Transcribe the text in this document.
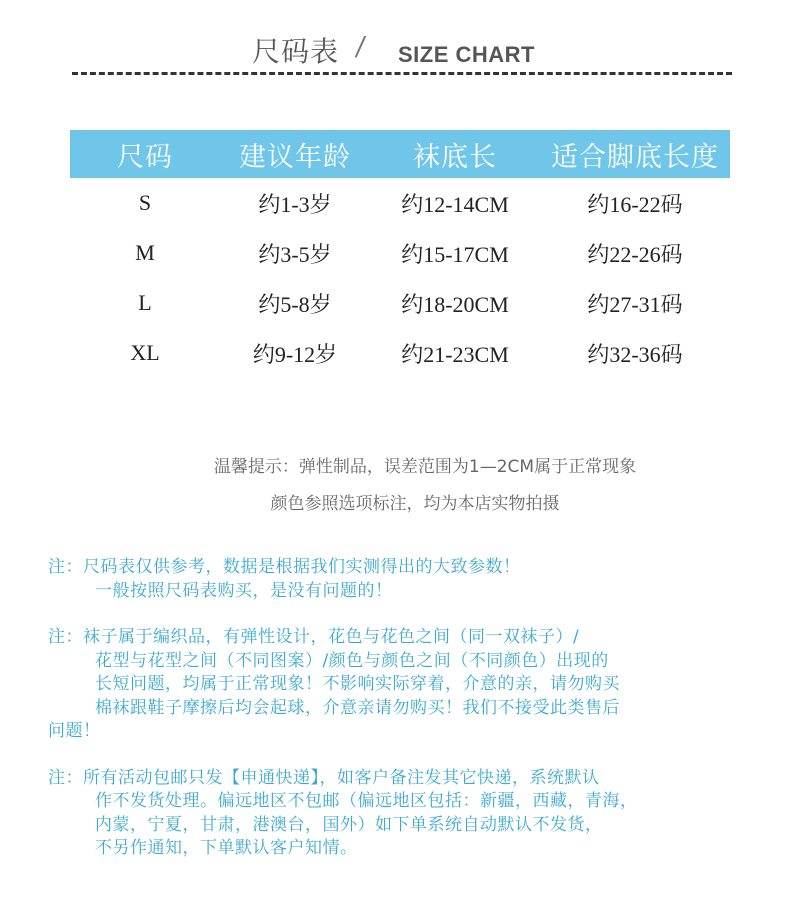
尺码表 / SIZE CHART
尺码	建议年龄	袜底长	适合脚底长度
S	约1-3岁	约12-14CM	约16-22码
M	约3-5岁	约15-17CM	约22-26码
L	约5-8岁	约18-20CM	约27-31码
XL	约9-12岁	约21-23CM	约32-36码
温馨提示：弹性制品，误差范围为1—2CM属于正常现象
颜色参照选项标注，均为本店实物拍摄
注：尺码表仅供参考，数据是根据我们实测得出的大致参数！
一般按照尺码表购买，是没有问题的！
注：袜子属于编织品，有弹性设计，花色与花色之间（同一双袜子）/
花型与花型之间（不同图案）/颜色与颜色之间（不同颜色）出现的
长短问题，均属于正常现象！不影响实际穿着，介意的亲，请勿购买
棉袜跟鞋子摩擦后均会起球，介意亲请勿购买！我们不接受此类售后
问题！
注：所有活动包邮只发【申通快递】，如客户备注发其它快递，系统默认
作不发货处理。偏远地区不包邮（偏远地区包括：新疆，西藏，青海，
内蒙，宁夏，甘肃，港澳台，国外）如下单系统自动默认不发货，
不另作通知，下单默认客户知情。
